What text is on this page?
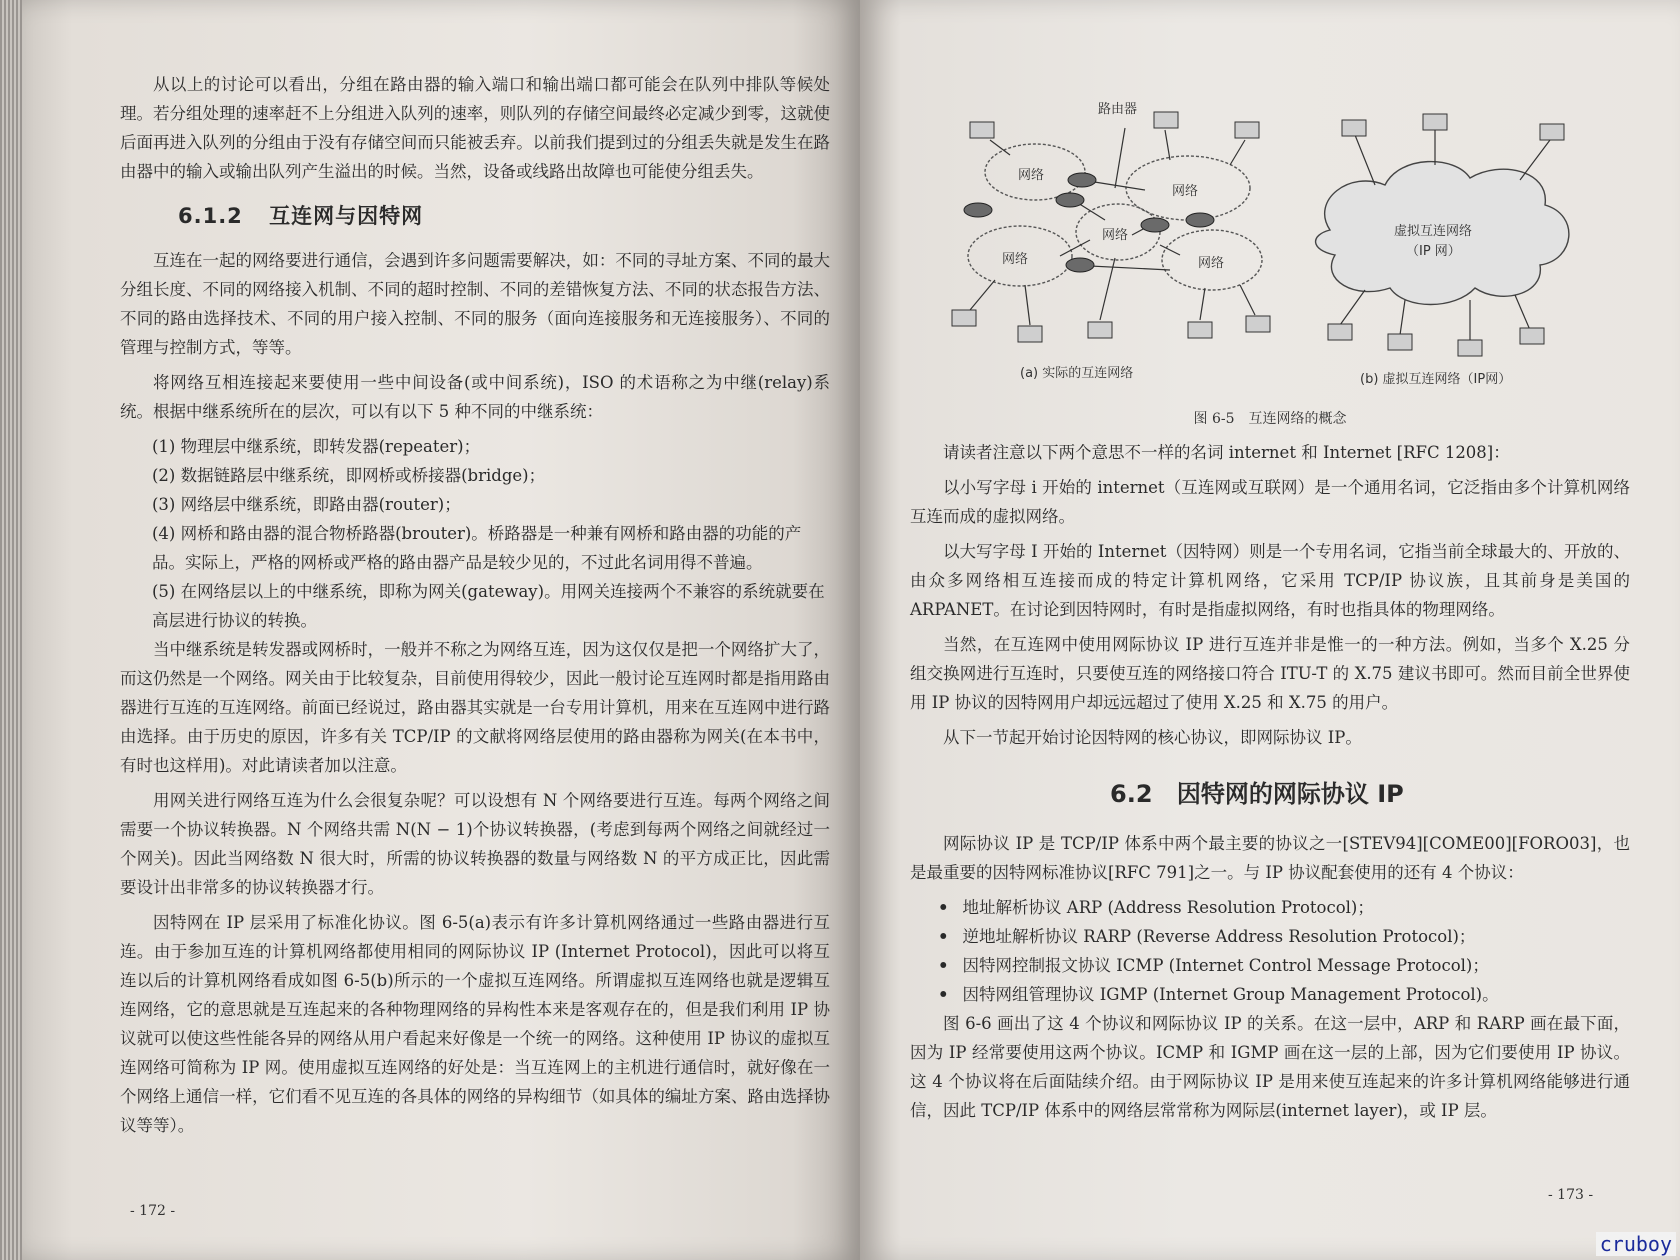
从以上的讨论可以看出，分组在路由器的输入端口和输出端口都可能会在队列中排队等候处理。若分组处理的速率赶不上分组进入队列的速率，则队列的存储空间最终必定减少到零，这就使后面再进入队列的分组由于没有存储空间而只能被丢弃。以前我们提到过的分组丢失就是发生在路由器中的输入或输出队列产生溢出的时候。当然，设备或线路出故障也可能使分组丢失。

6.1.2 互连网与因特网

互连在一起的网络要进行通信，会遇到许多问题需要解决，如：不同的寻址方案、不同的最大分组长度、不同的网络接入机制、不同的超时控制、不同的差错恢复方法、不同的状态报告方法、不同的路由选择技术、不同的用户接入控制、不同的服务（面向连接服务和无连接服务）、不同的管理与控制方式，等等。

将网络互相连接起来要使用一些中间设备(或中间系统)，ISO 的术语称之为中继(relay)系统。根据中继系统所在的层次，可以有以下 5 种不同的中继系统：

(1) 物理层中继系统，即转发器(repeater)；
(2) 数据链路层中继系统，即网桥或桥接器(bridge)；
(3) 网络层中继系统，即路由器(router)；
(4) 网桥和路由器的混合物桥路器(brouter)。桥路器是一种兼有网桥和路由器的功能的产品。实际上，严格的网桥或严格的路由器产品是较少见的，不过此名词用得不普遍。
(5) 在网络层以上的中继系统，即称为网关(gateway)。用网关连接两个不兼容的系统就要在高层进行协议的转换。

当中继系统是转发器或网桥时，一般并不称之为网络互连，因为这仅仅是把一个网络扩大了，而这仍然是一个网络。网关由于比较复杂，目前使用得较少，因此一般讨论互连网时都是指用路由器进行互连的互连网络。前面已经说过，路由器其实就是一台专用计算机，用来在互连网中进行路由选择。由于历史的原因，许多有关 TCP/IP 的文献将网络层使用的路由器称为网关(在本书中，有时也这样用)。对此请读者加以注意。

用网关进行网络互连为什么会很复杂呢？可以设想有 N 个网络要进行互连。每两个网络之间需要一个协议转换器。N 个网络共需 N(N − 1)个协议转换器，(考虑到每两个网络之间就经过一个网关)。因此当网络数 N 很大时，所需的协议转换器的数量与网络数 N 的平方成正比，因此需要设计出非常多的协议转换器才行。

因特网在 IP 层采用了标准化协议。图 6-5(a)表示有许多计算机网络通过一些路由器进行互连。由于参加互连的计算机网络都使用相同的网际协议 IP (Internet Protocol)，因此可以将互连以后的计算机网络看成如图 6-5(b)所示的一个虚拟互连网络。所谓虚拟互连网络也就是逻辑互连网络，它的意思就是互连起来的各种物理网络的异构性本来是客观存在的，但是我们利用 IP 协议就可以使这些性能各异的网络从用户看起来好像是一个统一的网络。这种使用 IP 协议的虚拟互连网络可简称为 IP 网。使用虚拟互连网络的好处是：当互连网上的主机进行通信时，就好像在一个网络上通信一样，它们看不见互连的各具体的网络的异构细节（如具体的编址方案、路由选择协议等等）。

- 172 -
路由器
网络
网络
网络
网络	网络
虚拟互连网络
（IP 网）
(a) 实际的互连网络	(b) 虚拟互连网络（IP网）
图 6-5　互连网络的概念

请读者注意以下两个意思不一样的名词 internet 和 Internet [RFC 1208]：

以小写字母 i 开始的 internet（互连网或互联网）是一个通用名词，它泛指由多个计算机网络互连而成的虚拟网络。

以大写字母 I 开始的 Internet（因特网）则是一个专用名词，它指当前全球最大的、开放的、由众多网络相互连接而成的特定计算机网络，它采用 TCP/IP 协议族，且其前身是美国的 ARPANET。在讨论到因特网时，有时是指虚拟网络，有时也指具体的物理网络。

当然，在互连网中使用网际协议 IP 进行互连并非是惟一的一种方法。例如，当多个 X.25 分组交换网进行互连时，只要使互连的网络接口符合 ITU-T 的 X.75 建议书即可。然而目前全世界使用 IP 协议的因特网用户却远远超过了使用 X.25 和 X.75 的用户。

从下一节起开始讨论因特网的核心协议，即网际协议 IP。

6.2 因特网的网际协议 IP

网际协议 IP 是 TCP/IP 体系中两个最主要的协议之一[STEV94][COME00][FORO03]，也是最重要的因特网标准协议[RFC 791]之一。与 IP 协议配套使用的还有 4 个协议：

• 地址解析协议 ARP (Address Resolution Protocol)；
• 逆地址解析协议 RARP (Reverse Address Resolution Protocol)；
• 因特网控制报文协议 ICMP (Internet Control Message Protocol)；
• 因特网组管理协议 IGMP (Internet Group Management Protocol)。

图 6-6 画出了这 4 个协议和网际协议 IP 的关系。在这一层中，ARP 和 RARP 画在最下面，因为 IP 经常要使用这两个协议。ICMP 和 IGMP 画在这一层的上部，因为它们要使用 IP 协议。这 4 个协议将在后面陆续介绍。由于网际协议 IP 是用来使互连起来的许多计算机网络能够进行通信，因此 TCP/IP 体系中的网络层常常称为网际层(internet layer)，或 IP 层。

- 173 -
cruboy
